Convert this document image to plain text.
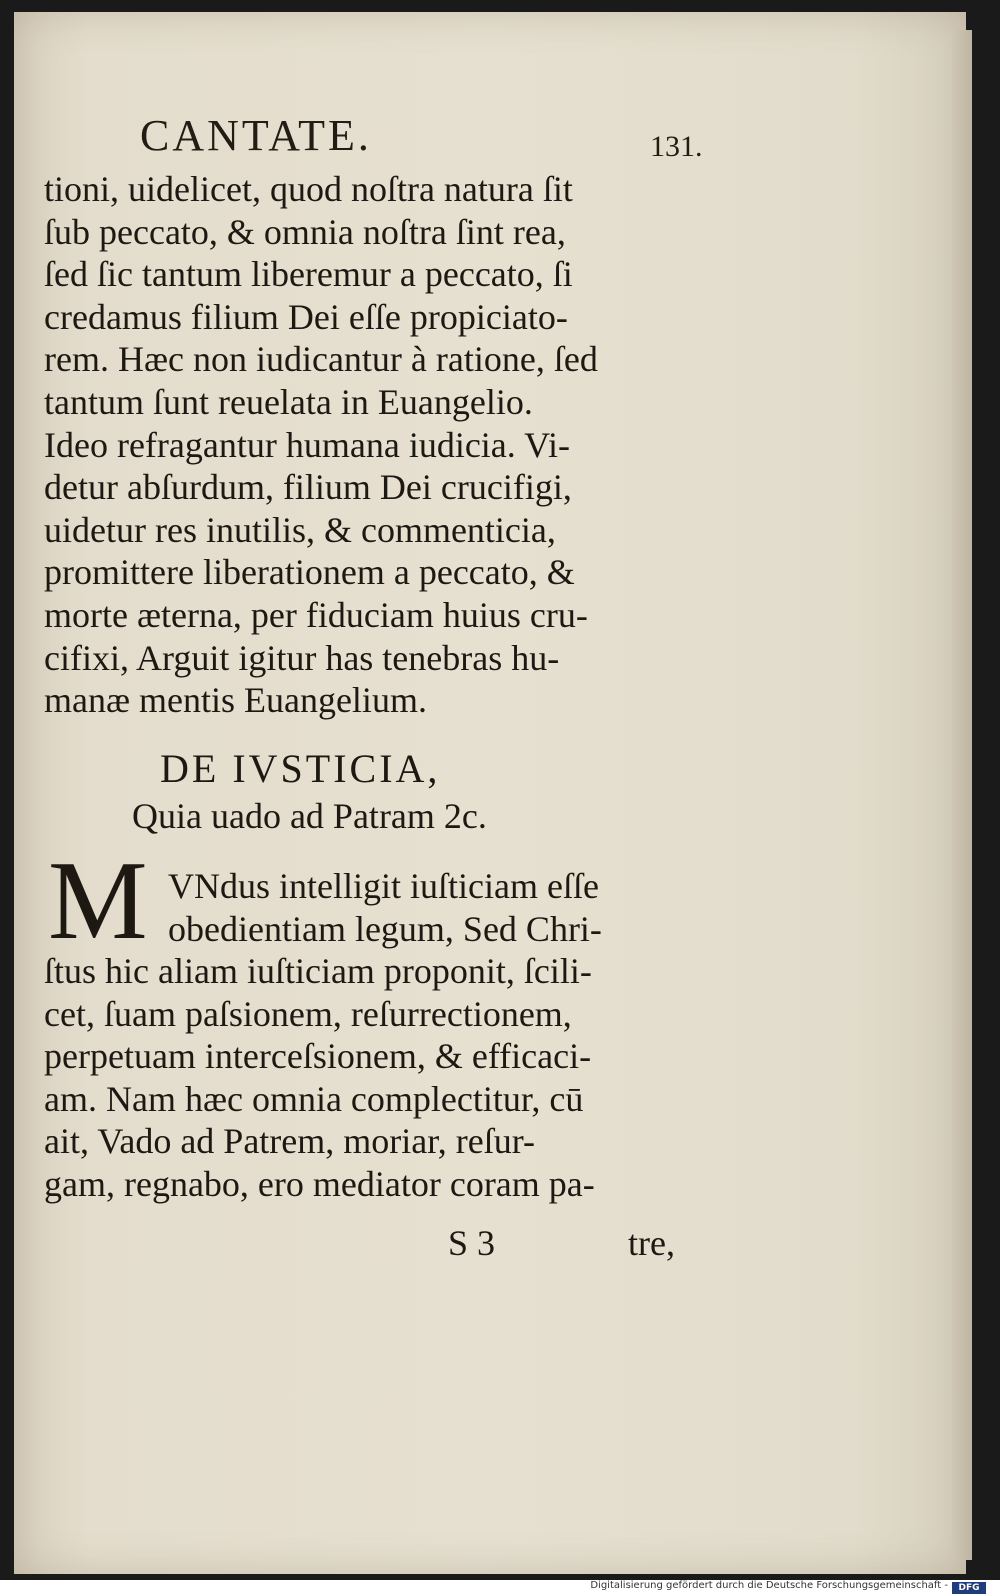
CANTATE.	131.
tioni, uidelicet, quod noſtra natura ſit
ſub peccato, & omnia noſtra ſint rea,
ſed ſic tantum liberemur a peccato, ſi
credamus filium Dei eſſe propiciato-
rem. Hæc non iudicantur à ratione, ſed
tantum ſunt reuelata in Euangelio.
Ideo refragantur humana iudicia. Vi-
detur abſurdum, filium Dei crucifigi,
uidetur res inutilis, & commenticia,
promittere liberationem a peccato, &
morte æterna, per fiduciam huius cru-
cifixi, Arguit igitur has tenebras hu-
manæ mentis Euangelium.
DE IVSTICIA,
Quia uado ad Patram 2c.
M VNdus intelligit iuſticiam eſſe
obedientiam legum, Sed Chri-
ſtus hic aliam iuſticiam proponit, ſcili-
cet, ſuam paſsionem, reſurrectionem,
perpetuam interceſsionem, & efficaci-
am. Nam hæc omnia complectitur, cū
ait, Vado ad Patrem, moriar, reſur-
gam, regnabo, ero mediator coram pa-
S 3	tre,
Digitalisierung gefördert durch die Deutsche Forschungsgemeinschaft -	DFG
